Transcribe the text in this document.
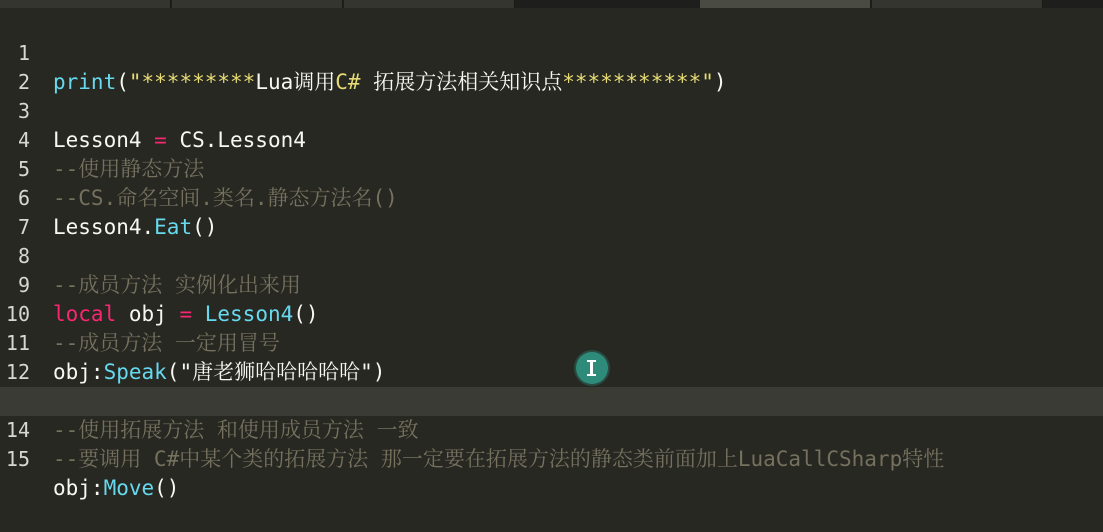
1

print("*********Lua调用C# 拓展方法相关知识点***********")

2

3

Lesson4 = CS.Lesson4

4

--使用静态方法

5

--CS.命名空间.类名.静态方法名()

6

Lesson4.Eat()

7

8

--成员方法 实例化出来用

9

local obj = Lesson4()

10

--成员方法 一定用冒号

11

obj:Speak("唐老狮哈哈哈哈哈")

12

--使用拓展方法 和使用成员方法 一致

14

--要调用 C#中某个类的拓展方法 那一定要在拓展方法的静态类前面加上LuaCallCSharp特性

15

obj:Move()
